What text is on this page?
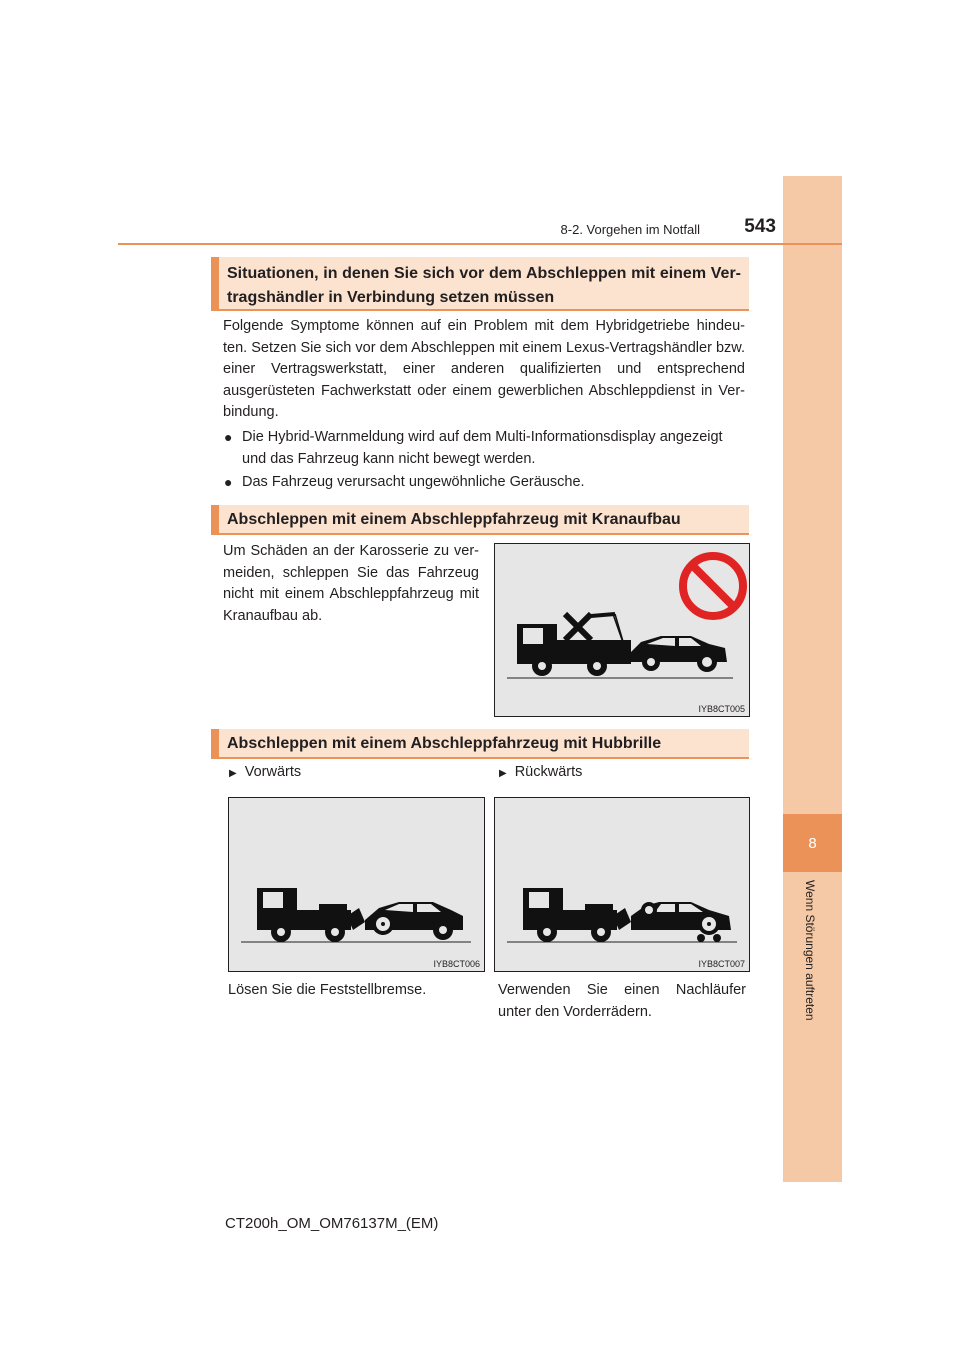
8
Wenn Störungen auftreten
8-2. Vorgehen im Notfall	543
Situationen, in denen Sie sich vor dem Abschleppen mit einem Ver-
tragshändler in Verbindung setzen müssen
Folgende Symptome können auf ein Problem mit dem Hybridgetriebe hindeu- ten. Setzen Sie sich vor dem Abschleppen mit einem Lexus-Vertragshändler bzw. einer Vertragswerkstatt, einer anderen qualifizierten und entsprechend ausgerüsteten Fachwerkstatt oder einem gewerblichen Abschleppdienst in Ver- bindung.
● Die Hybrid-Warnmeldung wird auf dem Multi-Informationsdisplay angezeigt und das Fahrzeug kann nicht bewegt werden.
● Das Fahrzeug verursacht ungewöhnliche Geräusche.
Abschleppen mit einem Abschleppfahrzeug mit Kranaufbau
Um Schäden an der Karosserie zu ver- meiden, schleppen Sie das Fahrzeug nicht mit einem Abschleppfahrzeug mit Kranaufbau ab.
IYB8CT005
Abschleppen mit einem Abschleppfahrzeug mit Hubbrille
▶ Vorwärts	▶ Rückwärts
IYB8CT006	IYB8CT007
Lösen Sie die Feststellbremse.	Verwenden Sie einen Nachläufer unter den Vorderrädern.
CT200h_OM_OM76137M_(EM)
